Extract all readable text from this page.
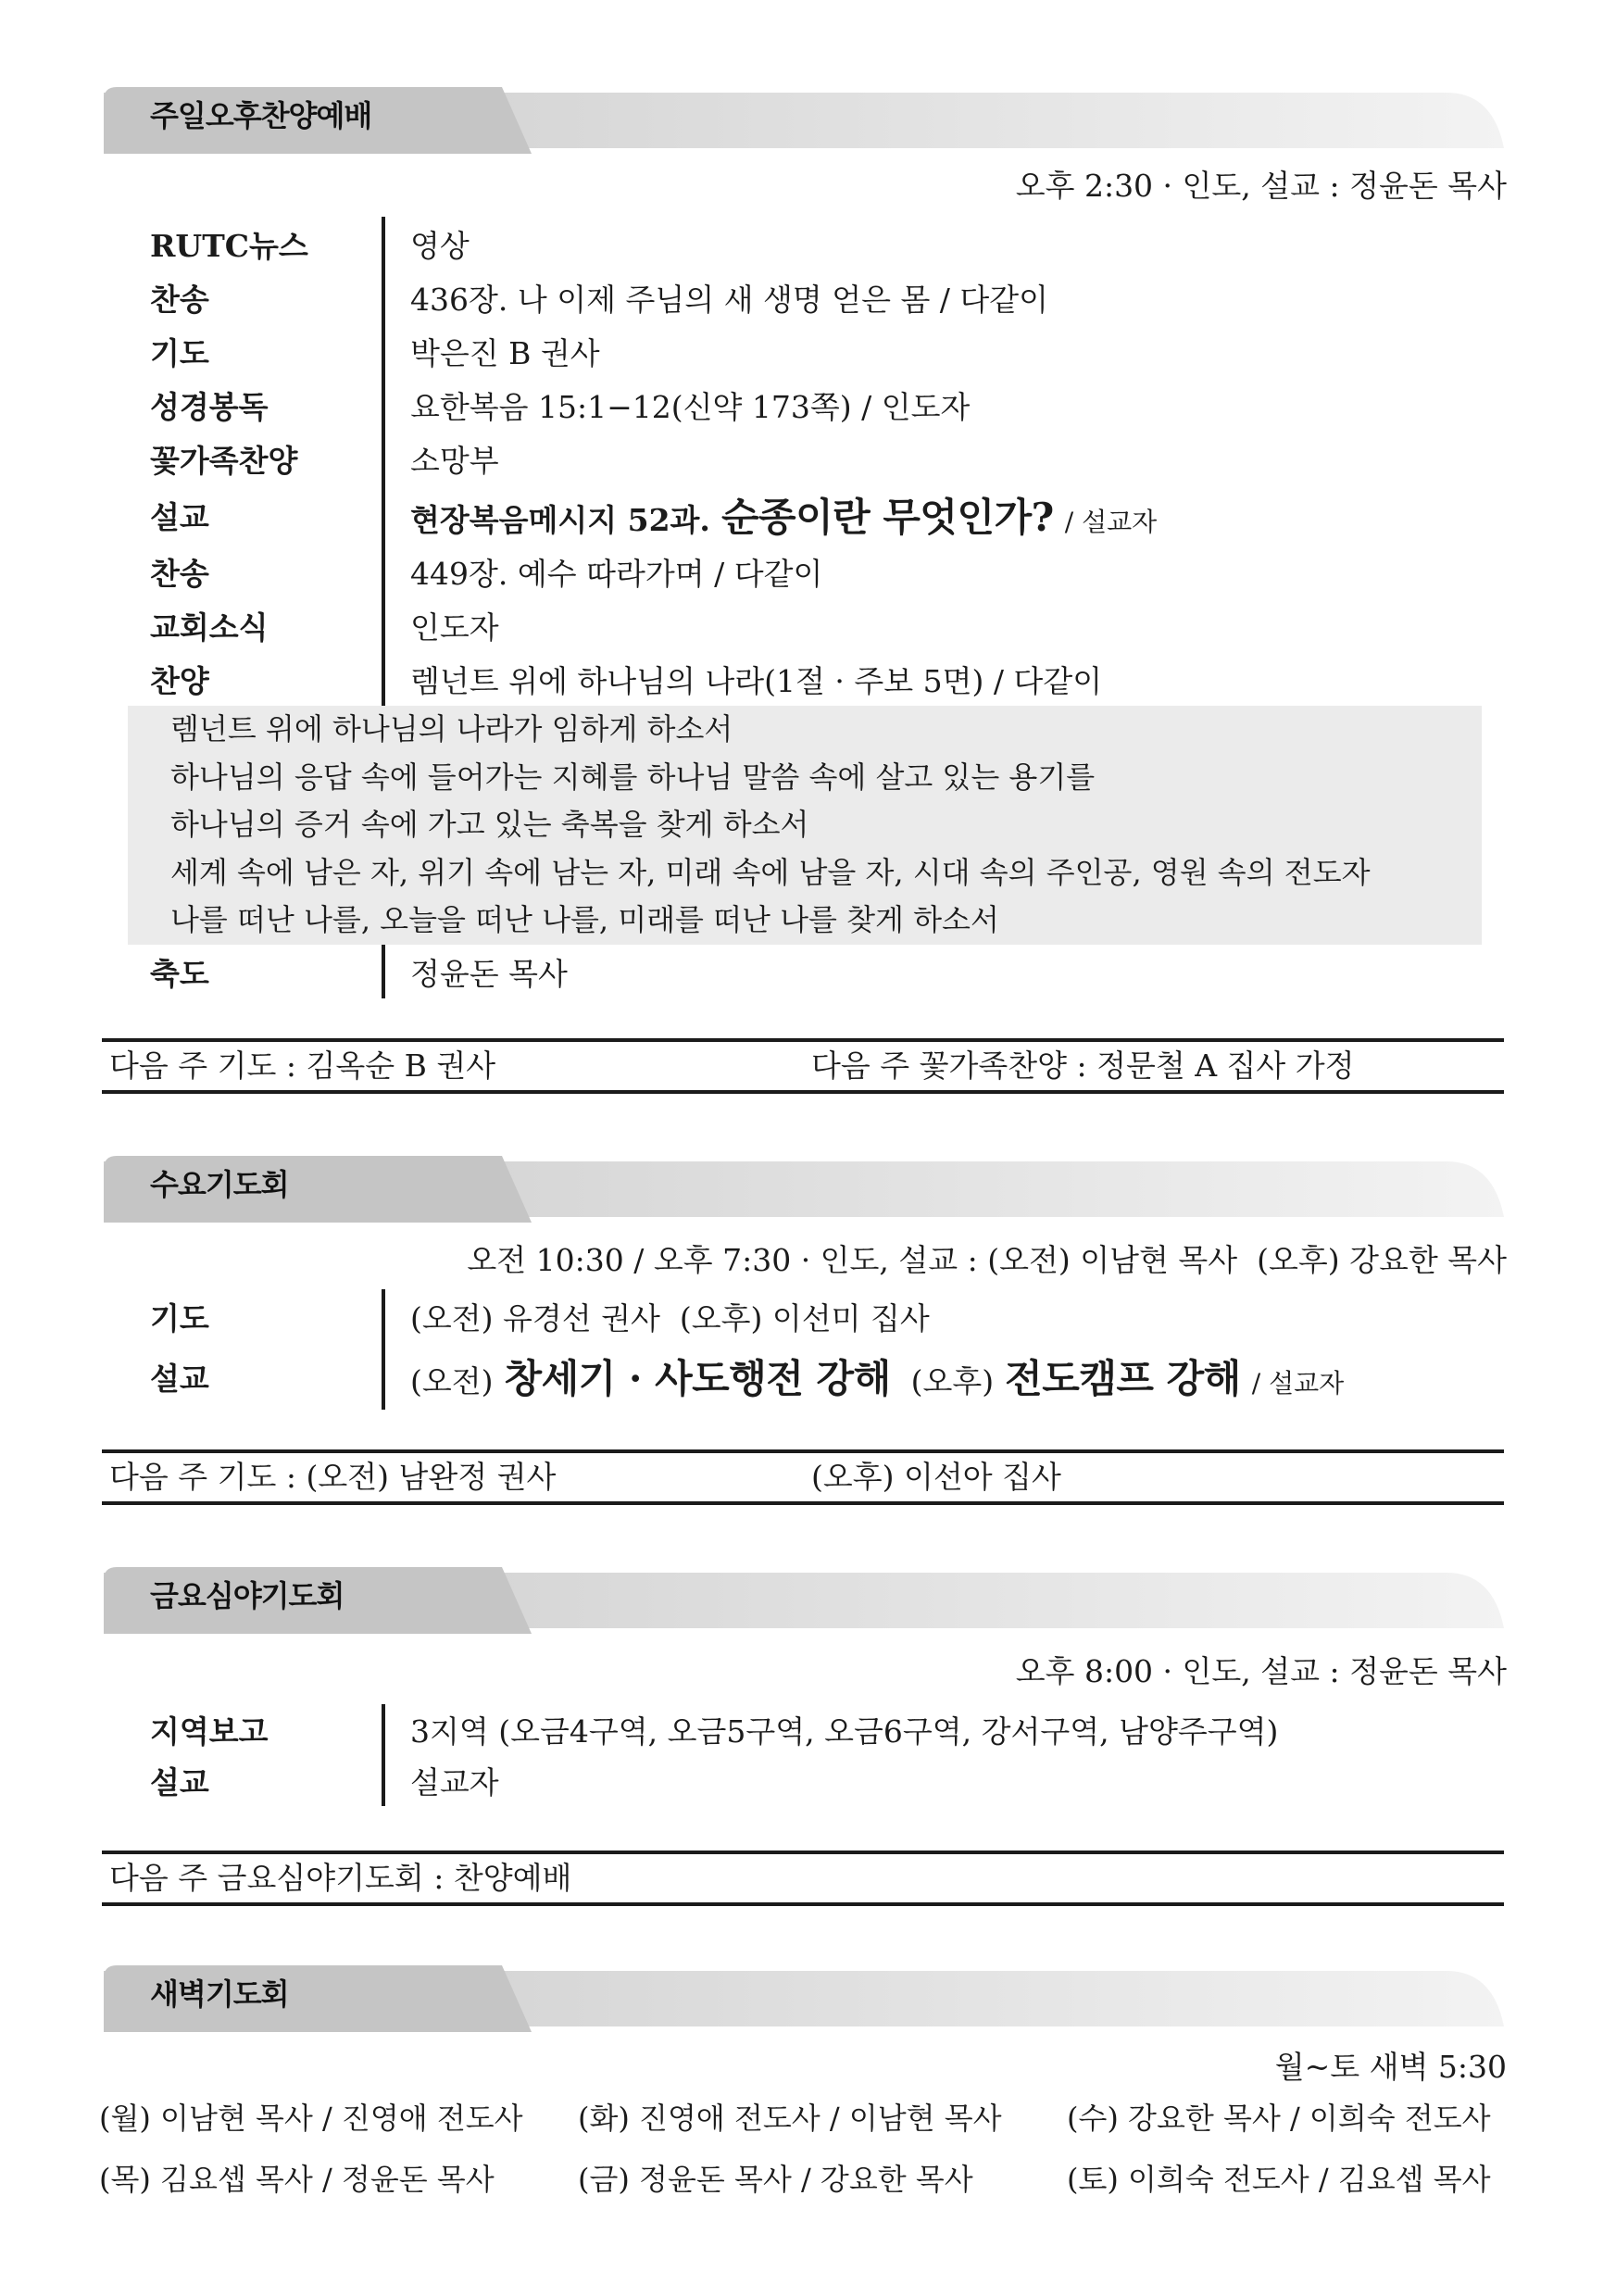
주일오후찬양예배
오후 2:30 · 인도, 설교 : 정윤돈 목사
RUTC뉴스	영상
찬송	436장. 나 이제 주님의 새 생명 얻은 몸 / 다같이
기도	박은진 B 권사
성경봉독	요한복음 15:1−12(신약 173쪽) / 인도자
꽃가족찬양	소망부
설교	현장복음메시지 52과. 순종이란 무엇인가? / 설교자
찬송	449장. 예수 따라가며 / 다같이
교회소식	인도자
찬양	렘넌트 위에 하나님의 나라(1절 · 주보 5면) / 다같이
렘넌트 위에 하나님의 나라가 임하게 하소서
하나님의 응답 속에 들어가는 지혜를 하나님 말씀 속에 살고 있는 용기를
하나님의 증거 속에 가고 있는 축복을 찾게 하소서
세계 속에 남은 자, 위기 속에 남는 자, 미래 속에 남을 자, 시대 속의 주인공, 영원 속의 전도자
나를 떠난 나를, 오늘을 떠난 나를, 미래를 떠난 나를 찾게 하소서
축도	정윤돈 목사
다음 주 기도 : 김옥순 B 권사	다음 주 꽃가족찬양 : 정문철 A 집사 가정
수요기도회
오전 10:30 / 오후 7:30 · 인도, 설교 : (오전) 이남현 목사  (오후) 강요한 목사
기도	(오전) 유경선 권사  (오후) 이선미 집사
설교	(오전) 창세기 · 사도행전 강해 (오후) 전도캠프 강해 / 설교자
다음 주 기도 : (오전) 남완정 권사	(오후) 이선아 집사
금요심야기도회
오후 8:00 · 인도, 설교 : 정윤돈 목사
지역보고	3지역 (오금4구역, 오금5구역, 오금6구역, 강서구역, 남양주구역)
설교	설교자
다음 주 금요심야기도회 : 찬양예배
새벽기도회
월~토 새벽 5:30
(월) 이남현 목사 / 진영애 전도사 (화) 진영애 전도사 / 이남현 목사 (수) 강요한 목사 / 이희숙 전도사
(목) 김요셉 목사 / 정윤돈 목사	(금) 정윤돈 목사 / 강요한 목사	(토) 이희숙 전도사 / 김요셉 목사
